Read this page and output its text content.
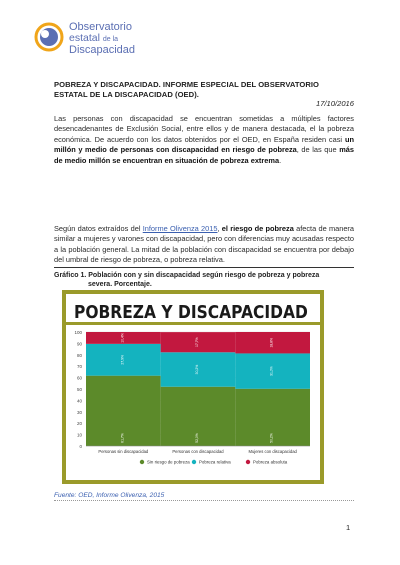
Observatorio
estatal de la
Discapacidad
POBREZA Y DISCAPACIDAD. INFORME ESPECIAL DEL OBSERVATORIO ESTATAL DE LA DISCAPACIDAD (OED).
17/10/2016
Las personas con discapacidad se encuentran sometidas a múltiples factores desencadenantes de Exclusión Social, entre ellos y de manera destacada, el la pobreza económica. De acuerdo con los datos obtenidos por el OED, en España residen casi un millón y medio de personas con discapacidad en riesgo de pobreza, de las que más de medio millón se encuentran en situación de pobreza extrema.
Según datos extraídos del Informe Olivenza 2015, el riesgo de pobreza afecta de manera similar a mujeres y varones con discapacidad, pero con diferencias muy acusadas respecto a la población general. La mitad de la población con discapacidad se encuentra por debajo del umbral de riesgo de pobreza, o pobreza relativa.
Gráfico 1. Población con y sin discapacidad según riesgo de pobreza y pobreza
severa. Porcentaje.
POBREZA Y DISCAPACIDAD
0
10
20
30
40
50
60
70
80
90
100
61,7%
27,9%
10,4%
Personas sin discapacidad
52,0%
30,2%
17,7%
Personas con discapacidad
50,2%
31,0%
18,8%
Mujeres con discapacidad
Sin riesgo de pobreza Pobreza relativa	Pobreza absoluta
Fuente: OED, Informe Olivenza, 2015
1
